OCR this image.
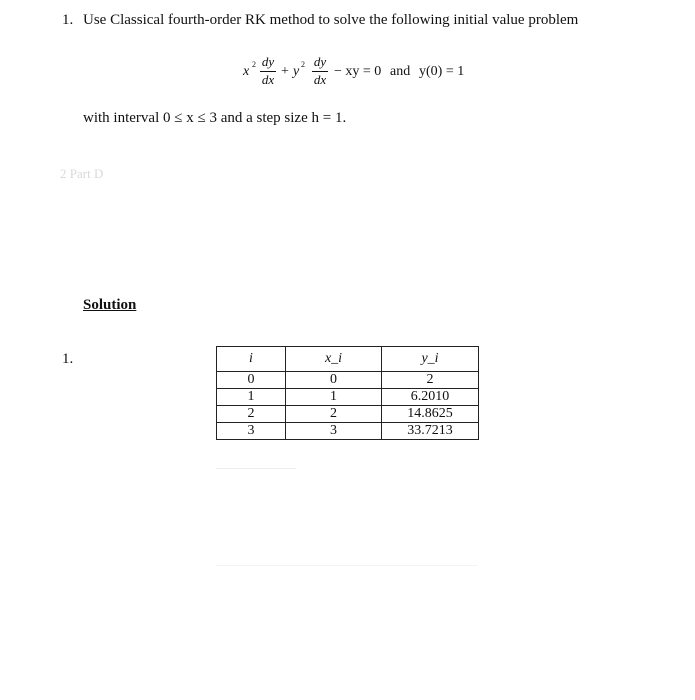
1. Use Classical fourth-order RK method to solve the following initial value problem
x 2 dy
dx
+ y 2 dy
dx
− xy = 0 and y(0) = 1
with interval 0 ≤ x ≤ 3 and a step size h = 1.
2 Part D
Solution
1.	i	x_i	y_i
0	0	2
1	1	6.2010
2	2	14.8625
3	3	33.7213
